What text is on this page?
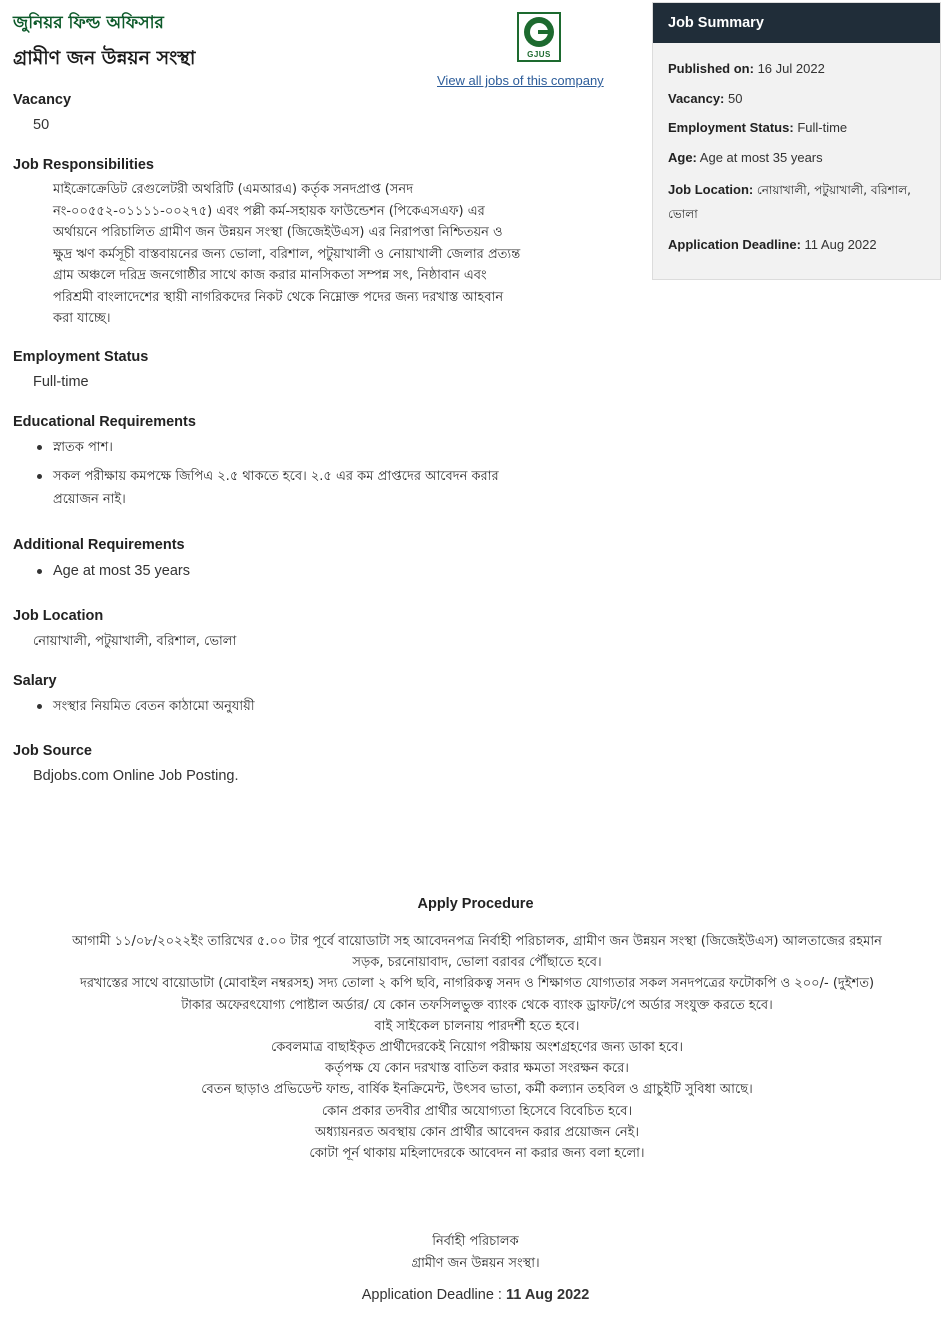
জুনিয়র ফিল্ড অফিসার
গ্রামীণ জন উন্নয়ন সংস্থা	GJUS
View all jobs of this company
Vacancy
50
Job Responsibilities
মাইক্রোক্রেডিট রেগুলেটরী অথরিটি (এমআরএ) কর্তৃক সনদপ্রাপ্ত (সনদ
নং-০০৫৫২-০১১১১-০০২৭৫) এবং পল্লী কর্ম-সহায়ক ফাউন্ডেশন (পিকেএসএফ) এর
অর্থায়নে পরিচালিত গ্রামীণ জন উন্নয়ন সংস্থা (জিজেইউএস) এর নিরাপত্তা নিশ্চিতয়ন ও
ক্ষুদ্র ঋণ কর্মসূচী বাস্তবায়নের জন্য ভোলা, বরিশাল, পটুয়াখালী ও নোয়াখালী জেলার প্রত্যন্ত
গ্রাম অঞ্চলে দরিদ্র জনগোষ্ঠীর সাথে কাজ করার মানসিকতা সম্পন্ন সৎ, নিষ্ঠাবান এবং
পরিশ্রমী বাংলাদেশের স্থায়ী নাগরিকদের নিকট থেকে নিম্নোক্ত পদের জন্য দরখাস্ত আহবান
করা যাচ্ছে।
Employment Status
Full-time
Educational Requirements
স্নাতক পাশ।
সকল পরীক্ষায় কমপক্ষে জিপিএ ২.৫ থাকতে হবে। ২.৫ এর কম প্রাপ্তদের আবেদন করার
প্রয়োজন নাই।
Additional Requirements
Age at most 35 years
Job Location
নোয়াখালী, পটুয়াখালী, বরিশাল, ভোলা
Salary
সংস্থার নিয়মিত বেতন কাঠামো অনুযায়ী
Job Source
Bdjobs.com Online Job Posting.
Job Summary
Published on: 16 Jul 2022
Vacancy: 50
Employment Status: Full-time
Age: Age at most 35 years
Job Location: নোয়াখালী, পটুয়াখালী, বরিশাল,
ভোলা
Application Deadline: 11 Aug 2022
Apply Procedure
আগামী ১১/০৮/২০২২ইং তারিখের ৫.০০ টার পূর্বে বায়োডাটা সহ আবেদনপত্র নির্বাহী পরিচালক, গ্রামীণ জন উন্নয়ন সংস্থা (জিজেইউএস) আলতাজের রহমান
সড়ক, চরনোয়াবাদ, ভোলা বরাবর পৌঁছাতে হবে।
দরখাস্তের সাথে বায়োডাটা (মোবাইল নম্বরসহ) সদ্য তোলা ২ কপি ছবি, নাগরিকত্ব সনদ ও শিক্ষাগত যোগ্যতার সকল সনদপত্রের ফটোকপি ও ২০০/- (দুইশত)
টাকার অফেরৎযোগ্য পোষ্টাল অর্ডার/ যে কোন তফসিলভুক্ত ব্যাংক থেকে ব্যাংক ড্রাফট/পে অর্ডার সংযুক্ত করতে হবে।
বাই সাইকেল চালনায় পারদর্শী হতে হবে।
কেবলমাত্র বাছাইকৃত প্রার্থীদেরকেই নিয়োগ পরীক্ষায় অংশগ্রহণের জন্য ডাকা হবে।
কর্তৃপক্ষ যে কোন দরখাস্ত বাতিল করার ক্ষমতা সংরক্ষন করে।
বেতন ছাড়াও প্রভিডেন্ট ফান্ড, বার্ষিক ইনক্রিমেন্ট, উৎসব ভাতা, কর্মী কল্যান তহবিল ও গ্রাচুইটি সুবিধা আছে।
কোন প্রকার তদবীর প্রার্থীর অযোগ্যতা হিসেবে বিবেচিত হবে।
অধ্যায়নরত অবস্থায় কোন প্রার্থীর আবেদন করার প্রয়োজন নেই।
কোটা পূর্ন থাকায় মহিলাদেরকে আবেদন না করার জন্য বলা হলো।
নির্বাহী পরিচালক
গ্রামীণ জন উন্নয়ন সংস্থা।
Application Deadline : 11 Aug 2022
